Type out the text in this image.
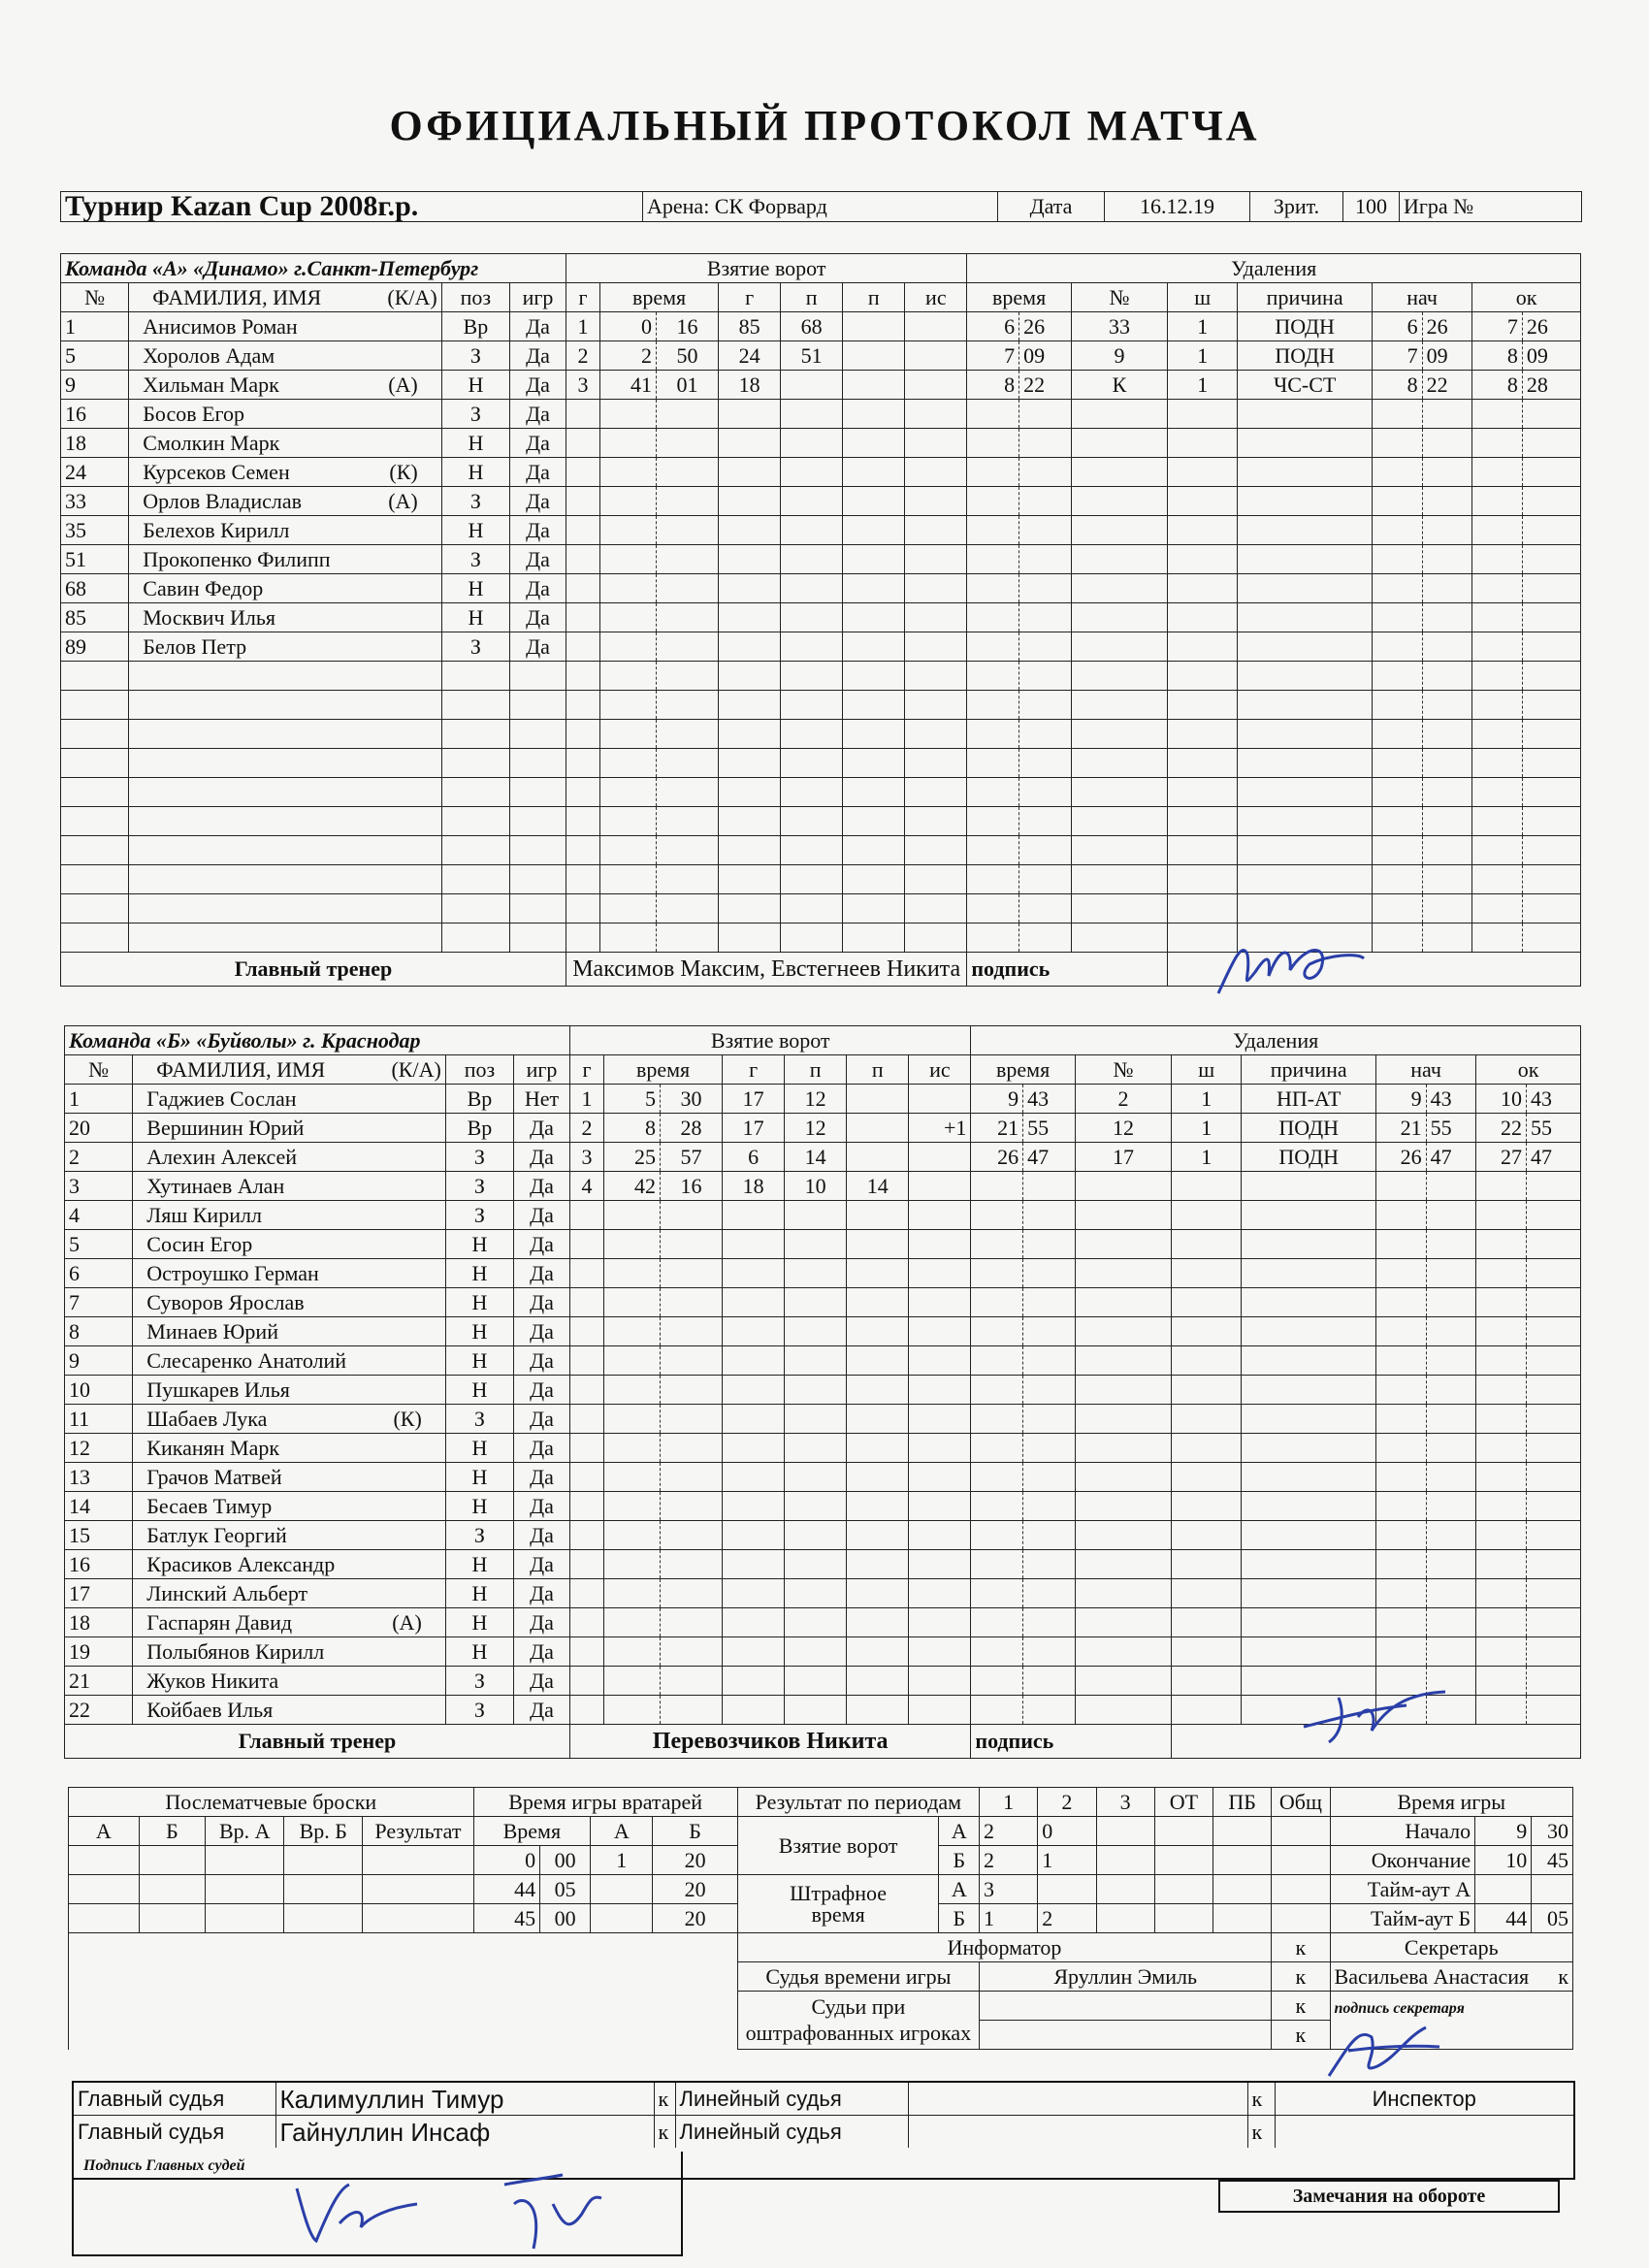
ОФИЦИАЛЬНЫЙ ПРОТОКОЛ МАТЧА
Турнир Kazan Cup 2008г.р.	Арена: СК Форвард	Дата	16.12.19	Зрит.	100	Игра №
Команда «А» «Динамо» г.Санкт-Петербург				Взятие ворот							Удаления								
№	ФАМИЛИЯ, ИМЯ (К/А)	поз	игр	г	время		г	п	п	ис	время		№	ш	причина	нач		ок	
1	Анисимов Роман	Вр	Да	1	0	16	85	68			6	26	33	1	ПОДН	6	26	7	26
5	Хоролов Адам	З	Да	2	2	50	24	51			7	09	9	1	ПОДН	7	09	8	09
9	Хильман Марк (А)	Н	Да	3	41	01	18				8	22	К	1	ЧС-СТ	8	22	8	28
16	Босов Егор	З	Да																
18	Смолкин Марк	Н	Да																
24	Курсеков Семен (К)	Н	Да																
33	Орлов Владислав (А)	З	Да																
35	Белехов Кирилл	Н	Да																
51	Прокопенко Филипп	З	Да																
68	Савин Федор	Н	Да																
85	Москвич Илья	Н	Да																
89	Белов Петр	З	Да																

Главный тренер				Максимов Максим, Евстегнеев Никита							подпись								
Команда «Б» «Буйволы» г. Краснодар				Взятие ворот							Удаления								
№	ФАМИЛИЯ, ИМЯ (К/А)	поз	игр	г	время		г	п	п	ис	время		№	ш	причина	нач		ок	
1	Гаджиев Сослан	Вр	Нет	1	5	30	17	12			9	43	2	1	НП-АТ	9	43	10	43
20	Вершинин Юрий	Вр	Да	2	8	28	17	12		+1	21	55	12	1	ПОДН	21	55	22	55
2	Алехин Алексей	З	Да	3	25	57	6	14			26	47	17	1	ПОДН	26	47	27	47
3	Хутинаев Алан	З	Да	4	42	16	18	10	14										
4	Ляш Кирилл	З	Да																
5	Сосин Егор	Н	Да																
6	Остроушко Герман	Н	Да																
7	Суворов Ярослав	Н	Да																
8	Минаев Юрий	Н	Да																
9	Слесаренко Анатолий	Н	Да																
10	Пушкарев Илья	Н	Да																
11	Шабаев Лука (К)	З	Да																
12	Киканян Марк	Н	Да																
13	Грачов Матвей	Н	Да																
14	Бесаев Тимур	Н	Да																
15	Батлук Георгий	З	Да																
16	Красиков Александр	Н	Да																
17	Линский Альберт	Н	Да																
18	Гаспарян Давид (А)	Н	Да																
19	Полыбянов Кирилл	Н	Да																
21	Жуков Никита	З	Да																
22	Койбаев Илья	З	Да																
Главный тренер				Перевозчиков Никита							подпись								
Послематчевые броски					Время игры вратарей				Результат по периодам		1	2	3	ОТ	ПБ	Общ	Время игры		
А	Б	Вр. А	Вр. Б	Результат	Время		А	Б	Взятие ворот	А	2	0					Начало	9	30
					0	00	1	20		Б	2	1					Окончание	10	45
					44	05		20	Штрафное время	А	3						Тайм-аут А		
					45	00		20		Б	1	2					Тайм-аут Б	44	05
									Информатор							к	Секретарь		
									Судья времени игры		Яруллин Эмиль					к	Васильева Анастасия к		

									Судьи при
оштрафованных игроках							к	подпись секретаря		
																к			
Главный судья	Калимуллин Тимур	к	Линейный судья		к	Инспектор
Главный судья	Гайнуллин Инсаф	к	Линейный судья		к	
Подпись Главных судей
Замечания на обороте
